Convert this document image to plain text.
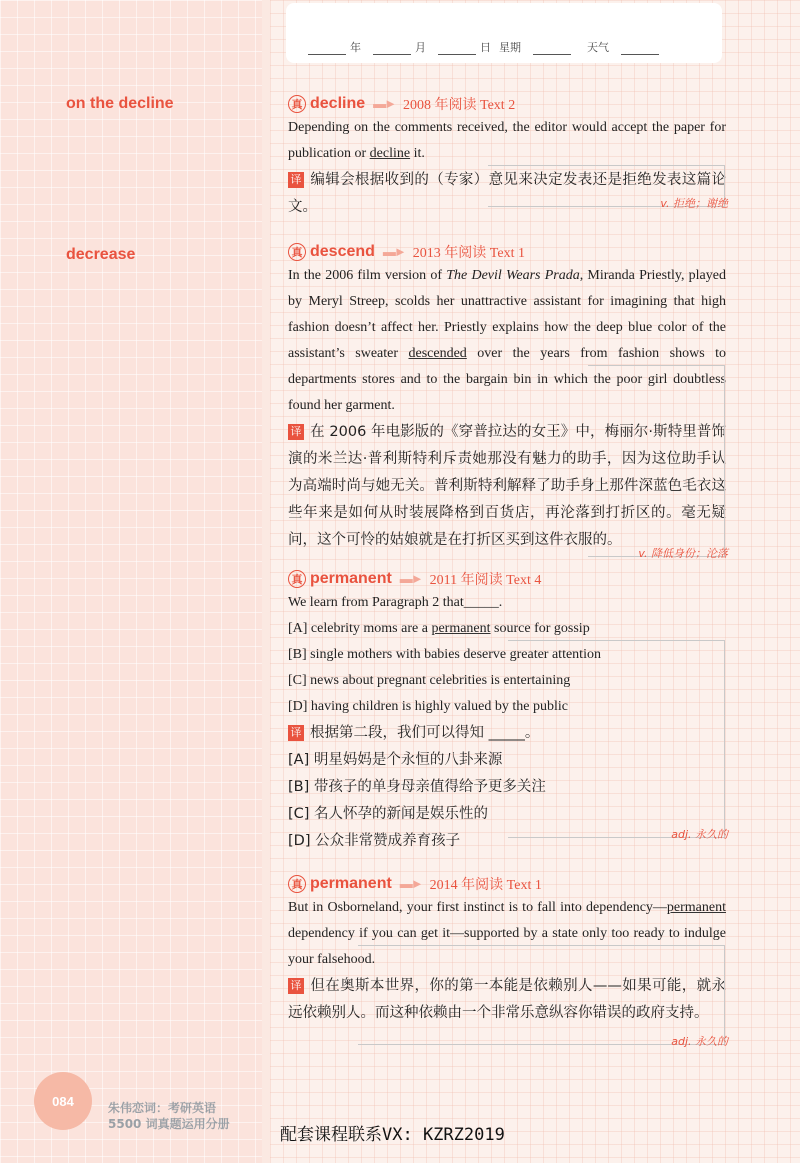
年	月	日 星期	天气
on the decline
decrease
真 decline ▬► 2008 年阅读 Text 2

Depending on the comments received, the editor would accept the paper for publication or decline it.

译 编辑会根据收到的（专家）意见来决定发表还是拒绝发表这篇论文。	v. 拒绝；谢绝
真 descend ▬► 2013 年阅读 Text 1

In the 2006 film version of The Devil Wears Prada, Miranda Priestly, played by Meryl Streep, scolds her unattractive assistant for imagining that high fashion doesn’t affect her. Priestly explains how the deep blue color of the assistant’s sweater descended over the years from fashion shows to departments stores and to the bargain bin in which the poor girl doubtless found her garment.

译 在 2006 年电影版的《穿普拉达的女王》中，梅丽尔·斯特里普饰演的米兰达·普利斯特利斥责她那没有魅力的助手，因为这位助手认为高端时尚与她无关。普利斯特利解释了助手身上那件深蓝色毛衣这些年来是如何从时装展降格到百货店，再沦落到打折区的。毫无疑问，这个可怜的姑娘就是在打折区买到这件衣服的。

v. 降低身份；沦落
真 permanent ▬► 2011 年阅读 Text 4

We learn from Paragraph 2 that_____.

[A] celebrity moms are a permanent source for gossip

[B] single mothers with babies deserve greater attention

[C] news about pregnant celebrities is entertaining

[D] having children is highly valued by the public

译 根据第二段，我们可以得知 _____。

[A] 明星妈妈是个永恒的八卦来源

[B] 带孩子的单身母亲值得给予更多关注

[C] 名人怀孕的新闻是娱乐性的

[D] 公众非常赞成养育孩子	adj. 永久的
真 permanent ▬► 2014 年阅读 Text 1

But in Osborneland, your first instinct is to fall into dependency—permanent dependency if you can get it—supported by a state only too ready to indulge your falsehood.

译 但在奥斯本世界，你的第一本能是依赖别人——如果可能，就永远依赖别人。而这种依赖由一个非常乐意纵容你错误的政府支持。

adj. 永久的
084	朱伟恋词：考研英语
5500 词真题运用分册
配套课程联系VX: KZRZ2019
